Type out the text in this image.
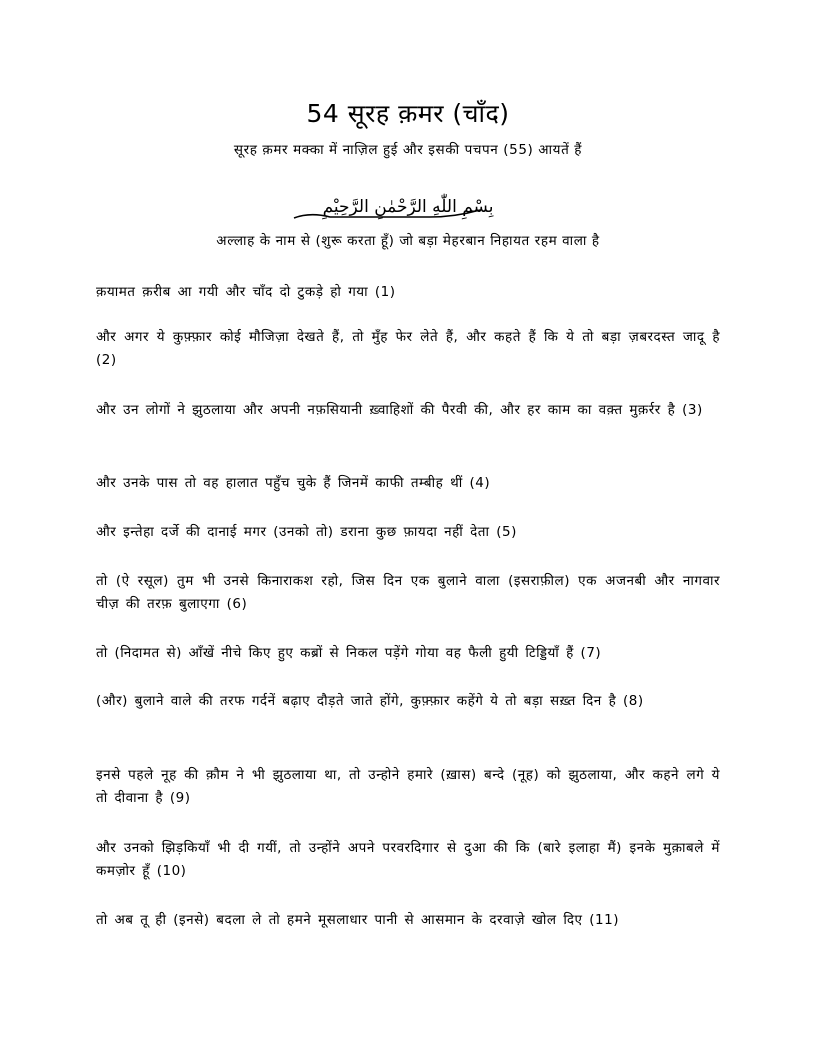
54 सूरह क़मर (चाँद)

सूरह क़मर मक्का में नाज़िल हुई और इसकी पचपन (55) आयतें हैं

بِسْمِ اللّٰهِ الرَّحْمٰنِ الرَّحِيْمِ

अल्लाह के नाम से (शुरू करता हूँ) जो बड़ा मेहरबान निहायत रहम वाला है

क़यामत क़रीब आ गयी और चाँद दो टुकड़े हो गया (1)

और अगर ये कुफ़्फ़ार कोई मौजिज़ा देखते हैं, तो मुँह फेर लेते हैं, और कहते हैं कि ये तो बड़ा ज़बरदस्त जादू है (2)

और उन लोगों ने झुठलाया और अपनी नफ़सियानी ख़्वाहिशों की पैरवी की, और हर काम का वक़्त मुक़र्रर है (3)

और उनके पास तो वह हालात पहुँच चुके हैं जिनमें काफी तम्बीह थीं (4)

और इन्तेहा दर्जे की दानाई मगर (उनको तो) डराना कुछ फ़ायदा नहीं देता (5)

तो (ऐ रसूल) तुम भी उनसे किनाराकश रहो, जिस दिन एक बुलाने वाला (इसराफ़ील) एक अजनबी और नागवार चीज़ की तरफ़ बुलाएगा (6)

तो (निदामत से) आँखें नीचे किए हुए कब्रों से निकल पड़ेंगे गोया वह फैली हुयी टिड्डियाँ हैं (7)

(और) बुलाने वाले की तरफ गर्दनें बढ़ाए दौड़ते जाते होंगे, कुफ़्फ़ार कहेंगे ये तो बड़ा सख़्त दिन है (8)

इनसे पहले नूह की क़ौम ने भी झुठलाया था, तो उन्होने हमारे (ख़ास) बन्दे (नूह) को झुठलाया, और कहने लगे ये तो दीवाना है (9)

और उनको झिड़कियाँ भी दी गयीं, तो उन्होंने अपने परवरदिगार से दुआ की कि (बारे इलाहा मैं) इनके मुक़ाबले में कमज़ोर हूँ (10)

तो अब तू ही (इनसे) बदला ले तो हमने मूसलाधार पानी से आसमान के दरवाज़े खोल दिए (11)
